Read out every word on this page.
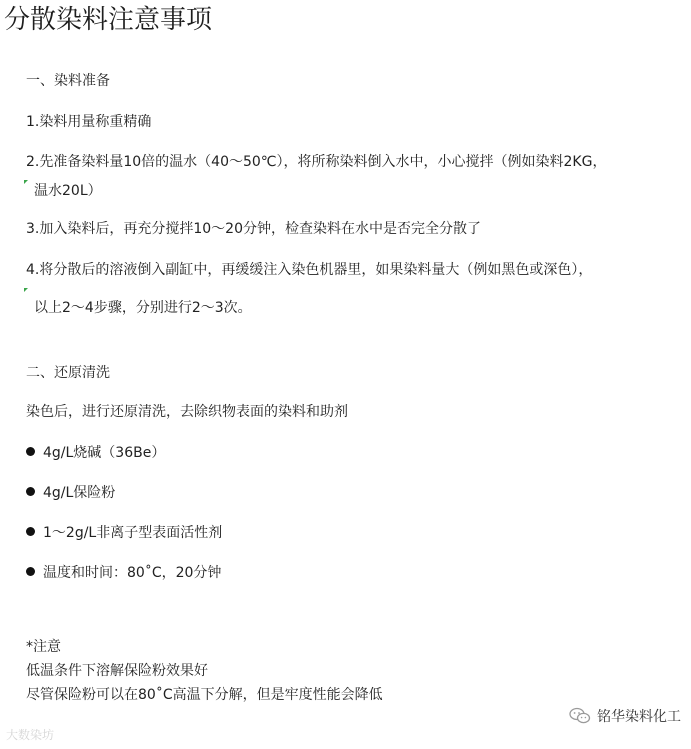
分散染料注意事项
一、染料准备
1.染料用量称重精确
2.先准备染料量10倍的温水（40～50℃），将所称染料倒入水中，小心搅拌（例如染料2KG，
温水20L）
3.加入染料后，再充分搅拌10～20分钟，检查染料在水中是否完全分散了
4.将分散后的溶液倒入副缸中，再缓缓注入染色机器里，如果染料量大（例如黑色或深色），
以上2～4步骤，分别进行2～3次。
二、还原清洗
染色后，进行还原清洗，去除织物表面的染料和助剂
4g/L烧碱（36Be）
4g/L保险粉
1～2g/L非离子型表面活性剂
温度和时间：80˚C，20分钟
*注意
低温条件下溶解保险粉效果好
尽管保险粉可以在80˚C高温下分解，但是牢度性能会降低
大数染坊
铭华染料化工
